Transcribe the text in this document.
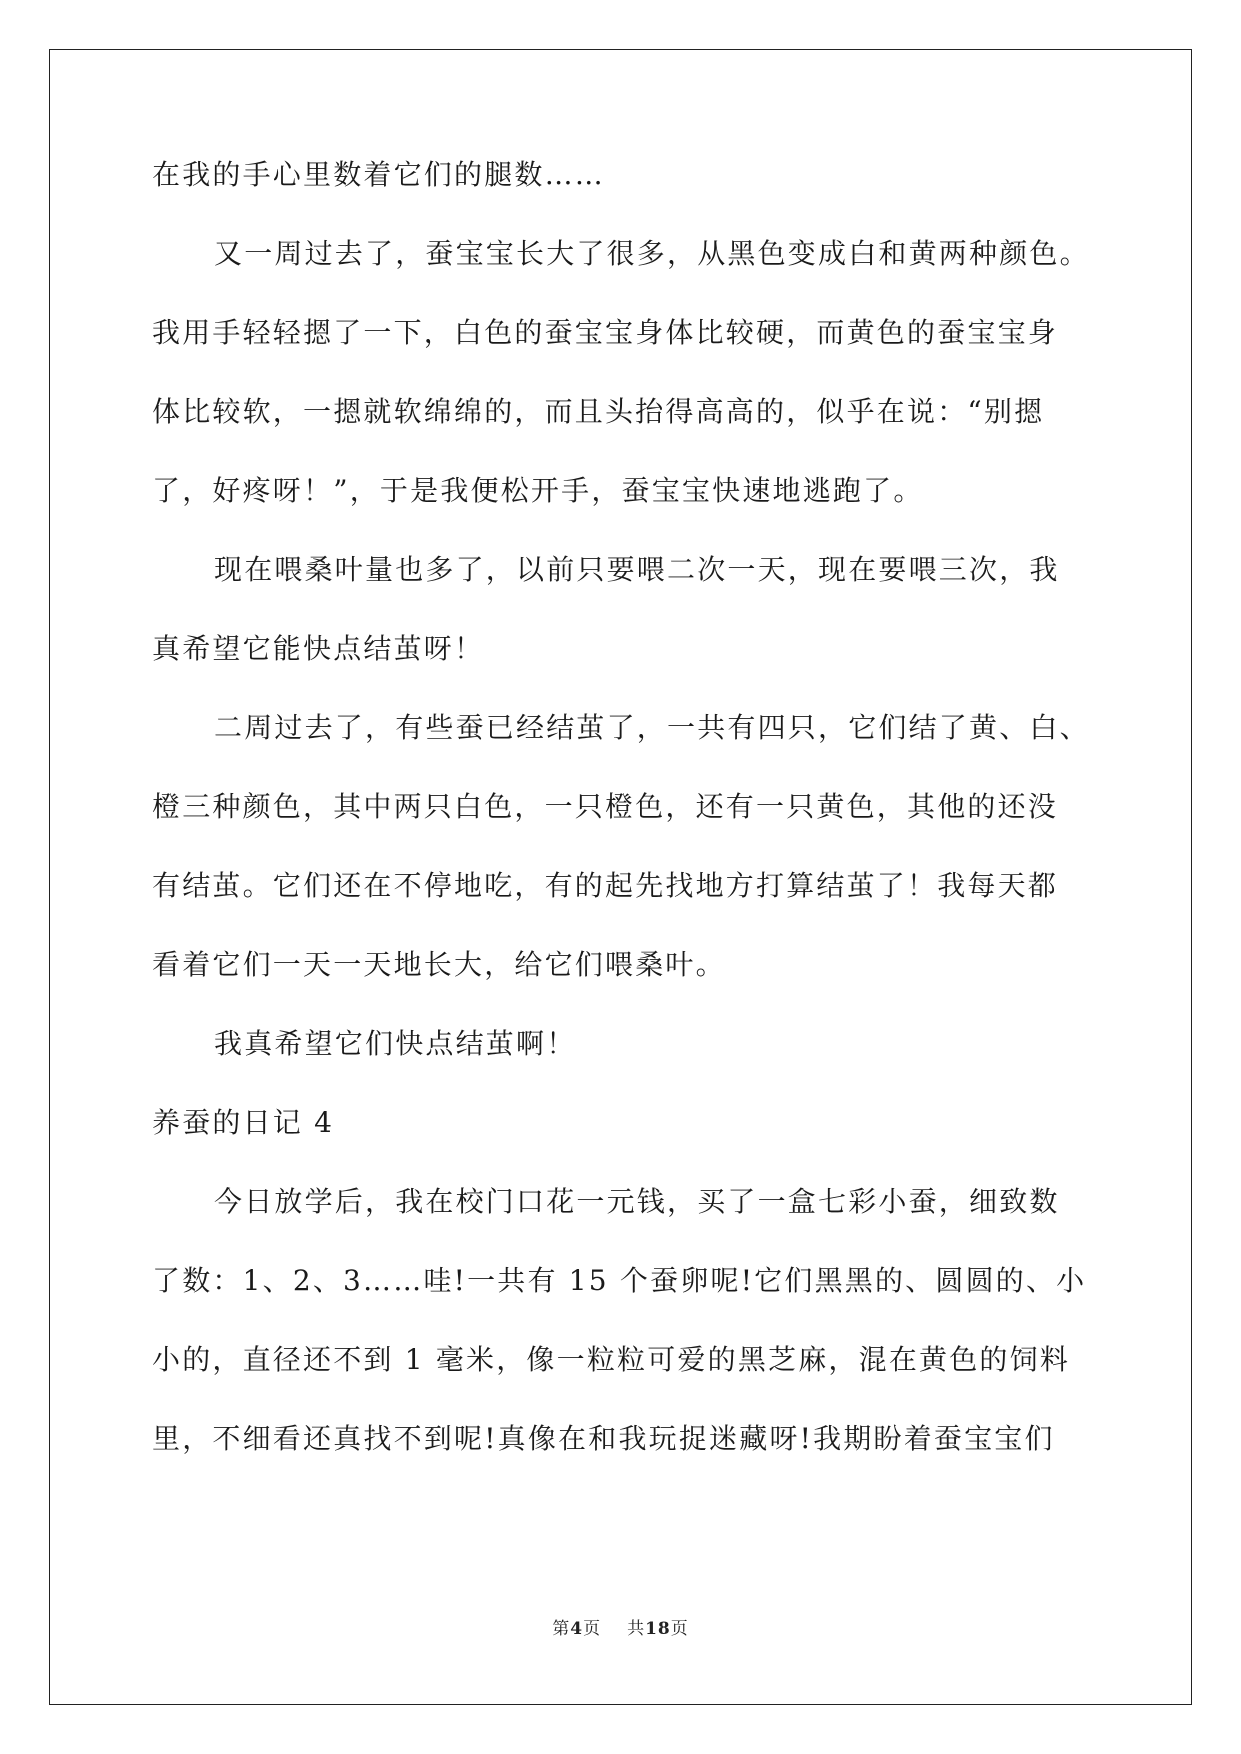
在我的手心里数着它们的腿数……
又一周过去了，蚕宝宝长大了很多，从黑色变成白和黄两种颜色。
我用手轻轻摁了一下，白色的蚕宝宝身体比较硬，而黄色的蚕宝宝身
体比较软，一摁就软绵绵的，而且头抬得高高的，似乎在说：“别摁
了，好疼呀！”，于是我便松开手，蚕宝宝快速地逃跑了。
现在喂桑叶量也多了，以前只要喂二次一天，现在要喂三次，我
真希望它能快点结茧呀！
二周过去了，有些蚕已经结茧了，一共有四只，它们结了黄、白、
橙三种颜色，其中两只白色，一只橙色，还有一只黄色，其他的还没
有结茧。它们还在不停地吃，有的起先找地方打算结茧了！我每天都
看着它们一天一天地长大，给它们喂桑叶。
我真希望它们快点结茧啊！
养蚕的日记 4
今日放学后，我在校门口花一元钱，买了一盒七彩小蚕，细致数
了数：1、2、3……哇!一共有 15 个蚕卵呢!它们黑黑的、圆圆的、小
小的，直径还不到 1 毫米，像一粒粒可爱的黑芝麻，混在黄色的饲料
里，不细看还真找不到呢!真像在和我玩捉迷藏呀!我期盼着蚕宝宝们
第4页 共18页
